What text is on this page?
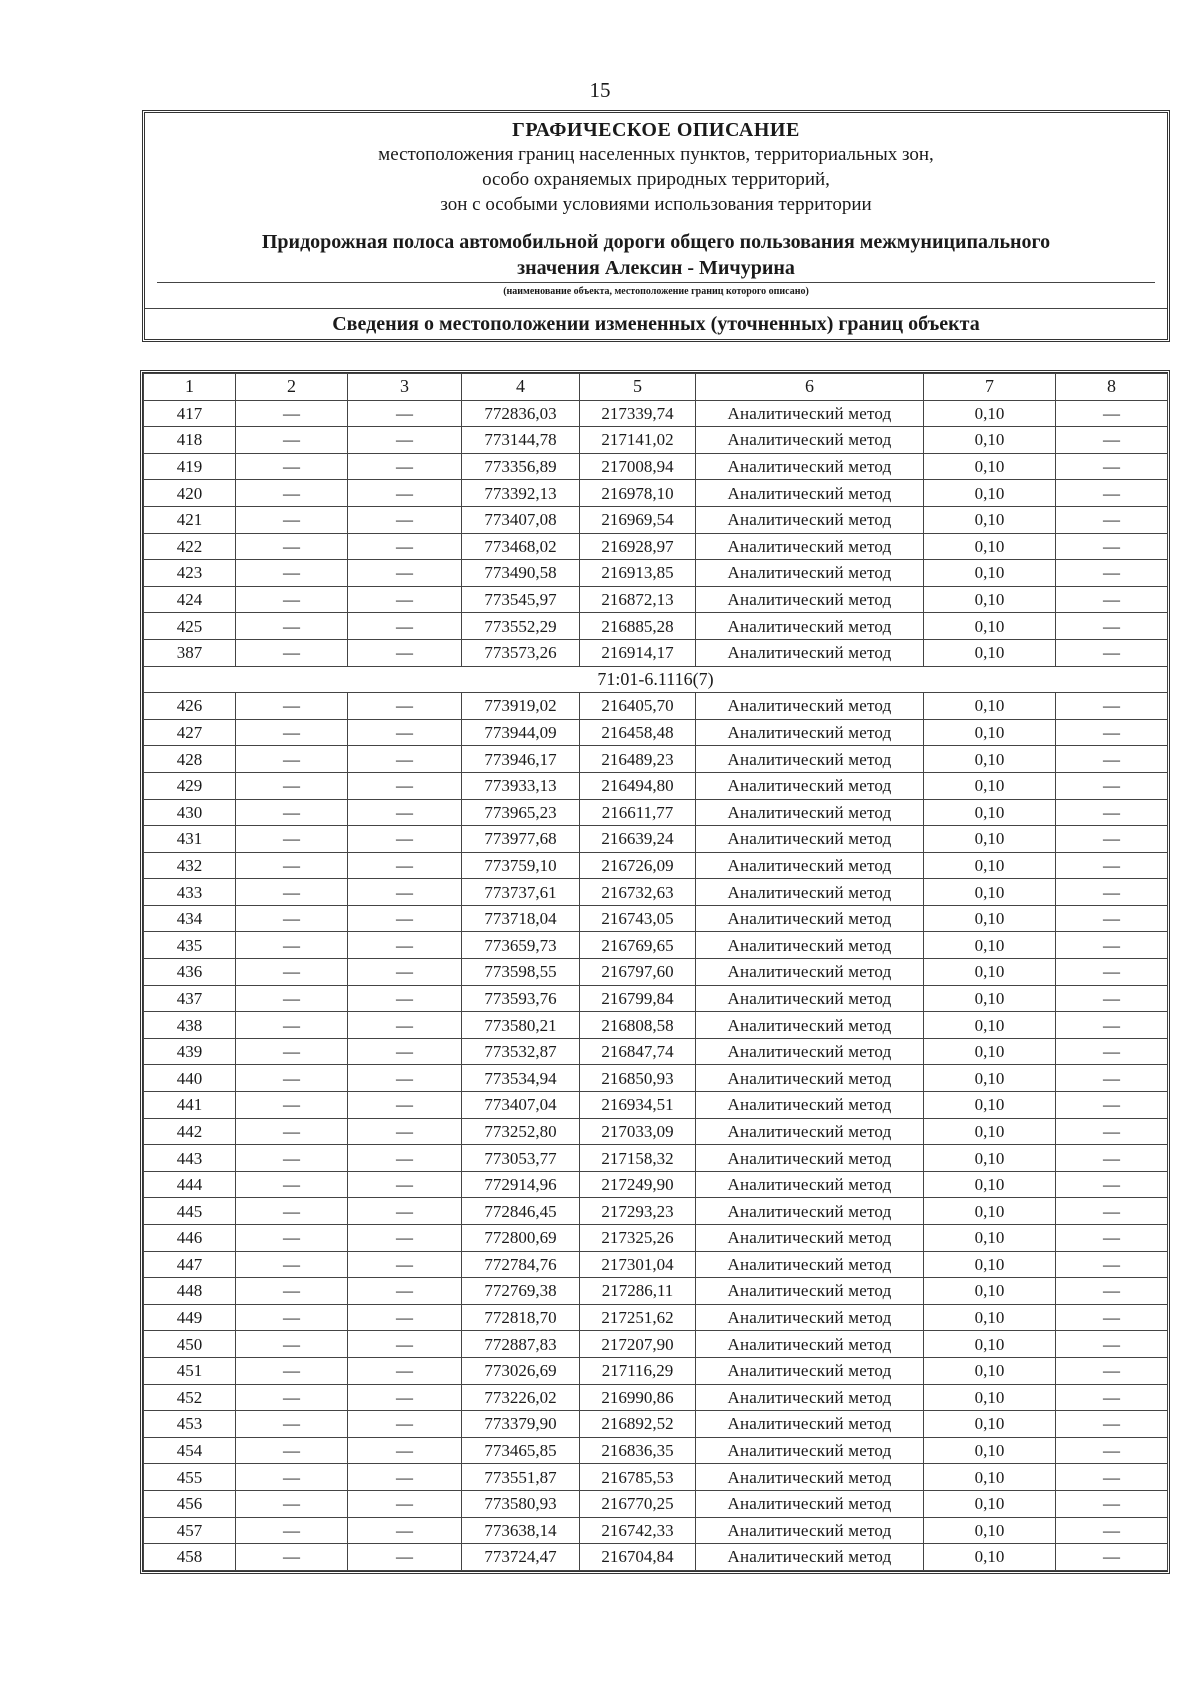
15
ГРАФИЧЕСКОЕ ОПИСАНИЕ
местоположения границ населенных пунктов, территориальных зон,
особо охраняемых природных территорий,
зон с особыми условиями использования территории
Придорожная полоса автомобильной дороги общего пользования межмуниципального
значения Алексин - Мичурина
(наименование объекта, местоположение границ которого описано)
Сведения о местоположении измененных (уточненных) границ объекта
1	2	3	4	5	6	7	8
417	—	—	772836,03	217339,74	Аналитический метод	0,10	—
418	—	—	773144,78	217141,02	Аналитический метод	0,10	—
419	—	—	773356,89	217008,94	Аналитический метод	0,10	—
420	—	—	773392,13	216978,10	Аналитический метод	0,10	—
421	—	—	773407,08	216969,54	Аналитический метод	0,10	—
422	—	—	773468,02	216928,97	Аналитический метод	0,10	—
423	—	—	773490,58	216913,85	Аналитический метод	0,10	—
424	—	—	773545,97	216872,13	Аналитический метод	0,10	—
425	—	—	773552,29	216885,28	Аналитический метод	0,10	—
387	—	—	773573,26	216914,17	Аналитический метод	0,10	—
71:01-6.1116(7)							
426	—	—	773919,02	216405,70	Аналитический метод	0,10	—
427	—	—	773944,09	216458,48	Аналитический метод	0,10	—
428	—	—	773946,17	216489,23	Аналитический метод	0,10	—
429	—	—	773933,13	216494,80	Аналитический метод	0,10	—
430	—	—	773965,23	216611,77	Аналитический метод	0,10	—
431	—	—	773977,68	216639,24	Аналитический метод	0,10	—
432	—	—	773759,10	216726,09	Аналитический метод	0,10	—
433	—	—	773737,61	216732,63	Аналитический метод	0,10	—
434	—	—	773718,04	216743,05	Аналитический метод	0,10	—
435	—	—	773659,73	216769,65	Аналитический метод	0,10	—
436	—	—	773598,55	216797,60	Аналитический метод	0,10	—
437	—	—	773593,76	216799,84	Аналитический метод	0,10	—
438	—	—	773580,21	216808,58	Аналитический метод	0,10	—
439	—	—	773532,87	216847,74	Аналитический метод	0,10	—
440	—	—	773534,94	216850,93	Аналитический метод	0,10	—
441	—	—	773407,04	216934,51	Аналитический метод	0,10	—
442	—	—	773252,80	217033,09	Аналитический метод	0,10	—
443	—	—	773053,77	217158,32	Аналитический метод	0,10	—
444	—	—	772914,96	217249,90	Аналитический метод	0,10	—
445	—	—	772846,45	217293,23	Аналитический метод	0,10	—
446	—	—	772800,69	217325,26	Аналитический метод	0,10	—
447	—	—	772784,76	217301,04	Аналитический метод	0,10	—
448	—	—	772769,38	217286,11	Аналитический метод	0,10	—
449	—	—	772818,70	217251,62	Аналитический метод	0,10	—
450	—	—	772887,83	217207,90	Аналитический метод	0,10	—
451	—	—	773026,69	217116,29	Аналитический метод	0,10	—
452	—	—	773226,02	216990,86	Аналитический метод	0,10	—
453	—	—	773379,90	216892,52	Аналитический метод	0,10	—
454	—	—	773465,85	216836,35	Аналитический метод	0,10	—
455	—	—	773551,87	216785,53	Аналитический метод	0,10	—
456	—	—	773580,93	216770,25	Аналитический метод	0,10	—
457	—	—	773638,14	216742,33	Аналитический метод	0,10	—
458	—	—	773724,47	216704,84	Аналитический метод	0,10	—
